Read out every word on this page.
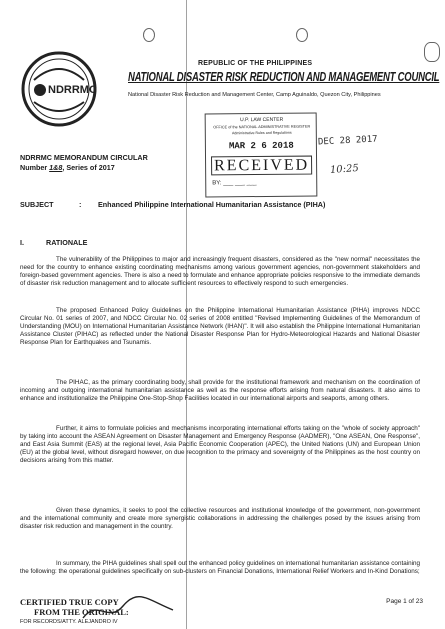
NDRRMC
REPUBLIC OF THE PHILIPPINES
NATIONAL DISASTER RISK REDUCTION AND MANAGEMENT COUNCIL
National Disaster Risk Reduction and Management Center, Camp Aguinaldo, Quezon City, Philippines
NDRRMC MEMORANDUM CIRCULAR
Number 1&8, Series of 2017
U.P. LAW CENTER
OFFICE of the NATIONAL ADMINISTRATIVE REGISTER
Administrative Rules and Regulations
MAR 2 6 2018
RECEIVED
BY: ___ ___ ___
DEC 28 2017
10:25
SUBJECT	: Enhanced Philippine International Humanitarian Assistance (PIHA)
I.	RATIONALE
The vulnerability of the Philippines to major and increasingly frequent disasters, considered as the "new normal" necessitates the need for the country to enhance existing coordinating mechanisms among various government agencies, non-government stakeholders and foreign-based government agencies. There is also a need to formulate and enhance appropriate policies responsive to the immediate demands of disaster risk reduction management and to allocate sufficient resources to effectively respond to such emergencies.
The proposed Enhanced Policy Guidelines on the Philippine International Humanitarian Assistance (PIHA) improves NDCC Circular No. 01 series of 2007, and NDCC Circular No. 02 series of 2008 entitled "Revised Implementing Guidelines of the Memorandum of Understanding (MOU) on International Humanitarian Assistance Network (IHAN)". It will also establish the Philippine International Humanitarian Assistance Cluster (PIHAC) as reflected under the National Disaster Response Plan for Hydro-Meteorological Hazards and National Disaster Response Plan for Earthquakes and Tsunamis.
The PIHAC, as the primary coordinating body, shall provide for the institutional framework and mechanism on the coordination of incoming and outgoing international humanitarian assistance as well as the response efforts arising from natural disasters. It also aims to enhance and institutionalize the Philippine One-Stop-Shop Facilities located in our international airports and seaports, among others.
Further, it aims to formulate policies and mechanisms incorporating international efforts taking on the "whole of society approach" by taking into account the ASEAN Agreement on Disaster Management and Emergency Response (AADMER), "One ASEAN, One Response", and East Asia Summit (EAS) at the regional level, Asia Pacific Economic Cooperation (APEC), the United Nations (UN) and European Union (EU) at the global level, without disregard however, on due recognition to the primacy and sovereignty of the Philippines as the host country on decisions arising from this matter.
Given these dynamics, it seeks to pool the collective resources and institutional knowledge of the government, non-government and the international community and create more synergistic collaborations in addressing the challenges posed by the issues arising from disaster risk reduction and management in the country.
In summary, the PIHA guidelines shall spell out the enhanced policy guidelines on international humanitarian assistance containing the following: the operational guidelines specifically on sub-clusters on Financial Donations, International Relief Workers and In-Kind Donations;
CERTIFIED TRUE COPY
FROM THE ORIGINAL:
FOR RECORDS/ATTY. ALEJANDRO IV
Page 1 of 23
